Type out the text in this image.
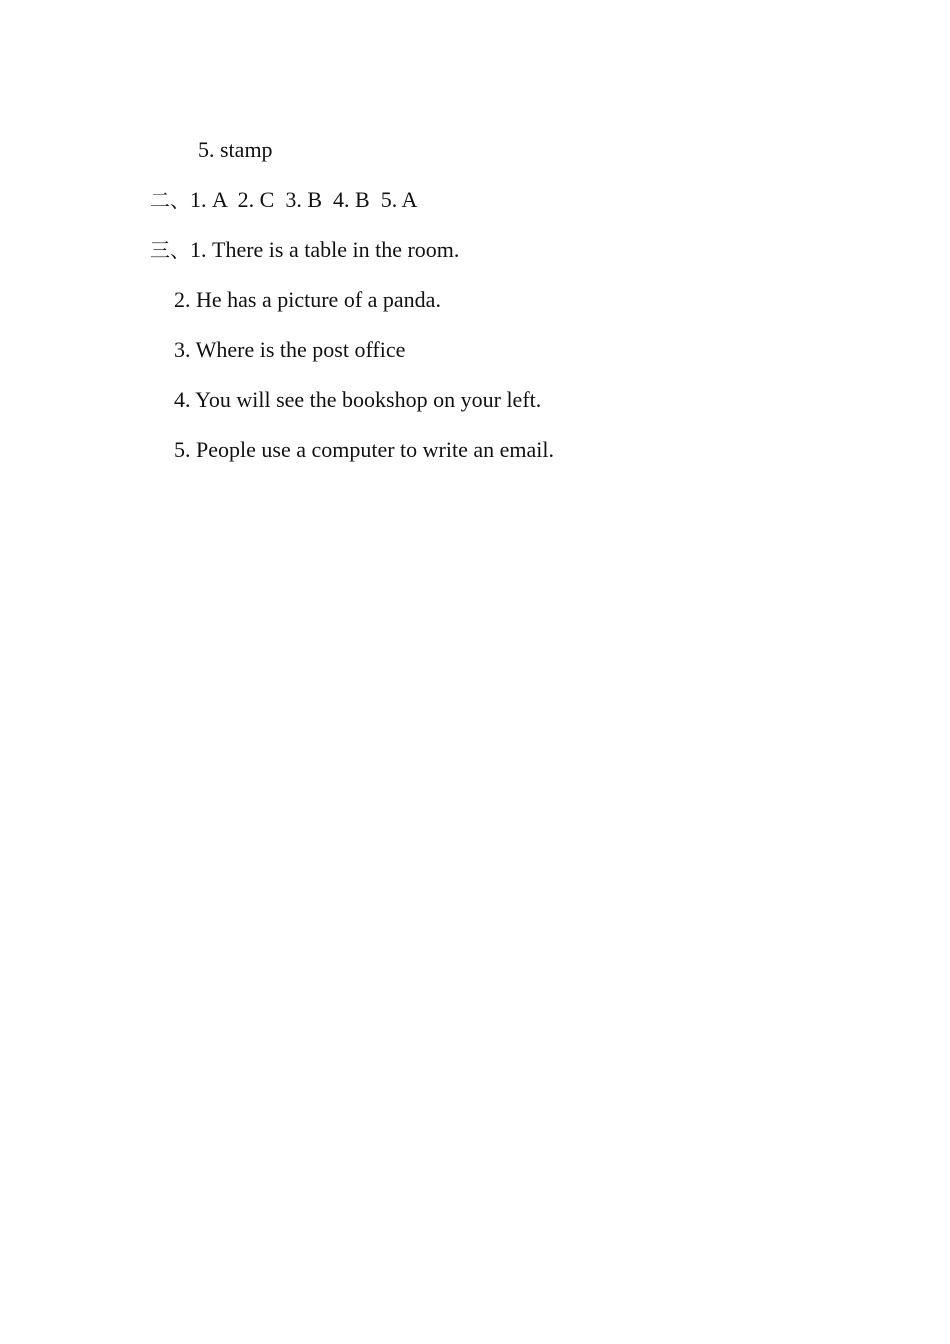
5. stamp
二、1. A  2. C  3. B  4. B  5. A
三、1. There is a table in the room.
2. He has a picture of a panda.
3. Where is the post office
4. You will see the bookshop on your left.
5. People use a computer to write an email.
